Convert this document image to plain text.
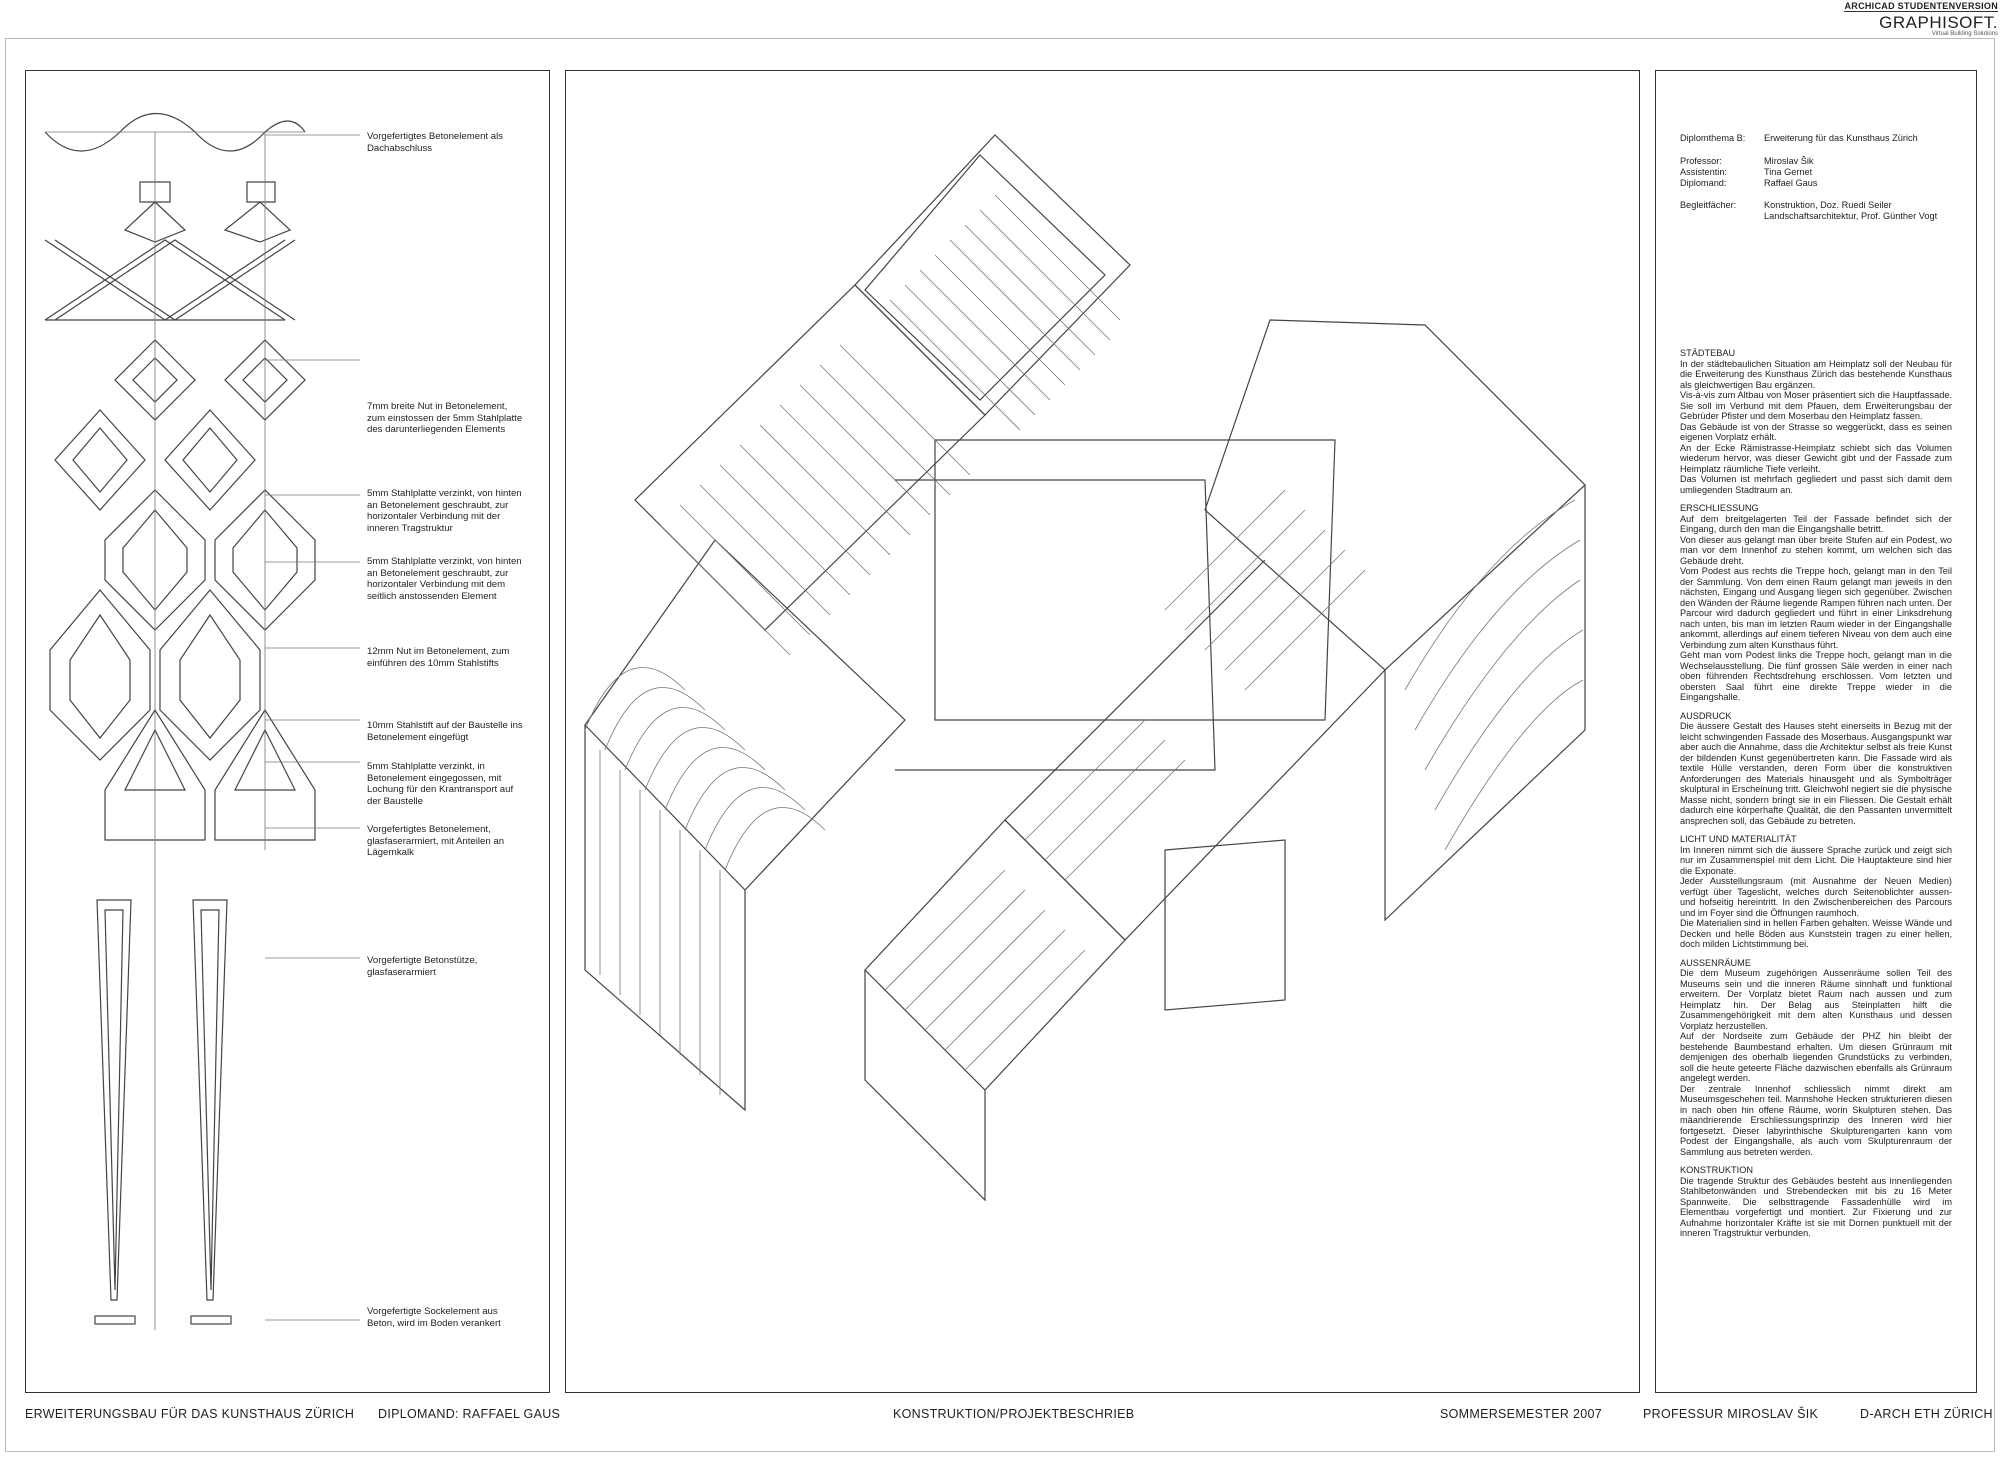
ARCHICAD STUDENTENVERSION
GRAPHISOFT.
Virtual Building Solutions
Vorgefertigtes Betonelement als Dachabschluss
7mm breite Nut in Betonelement, zum einstossen der 5mm Stahlplatte des darunterliegenden Elements
5mm Stahlplatte verzinkt, von hinten an Betonelement geschraubt, zur horizontaler Verbindung mit der inneren Tragstruktur
5mm Stahlplatte verzinkt, von hinten an Betonelement geschraubt, zur horizontaler Verbindung mit dem seitlich anstossenden Element
12mm Nut im Betonelement, zum einführen des 10mm Stahlstifts
10mm Stahlstift auf der Baustelle ins Betonelement eingefügt
5mm Stahlplatte verzinkt, in Betonelement eingegossen, mit Lochung für den Krantransport auf der Baustelle
Vorgefertigtes Betonelement, glasfaserarmiert, mit Anteilen an Lägernkalk
Vorgefertigte Betonstütze, glasfaserarmiert
Vorgefertigte Sockelement aus Beton, wird im Boden verankert
Diplomthema B:	Erweiterung für das Kunsthaus Zürich
Professor:	Miroslav Šik
Assistentin:	Tina Gernet
Diplomand:	Raffael Gaus
Begleitfächer:	Konstruktion, Doz. Ruedi Seiler
Landschaftsarchitektur, Prof. Günther Vogt
STÄDTEBAU

In der städtebaulichen Situation am Heimplatz soll der Neubau für die Erweiterung des Kunsthaus Zürich das bestehende Kunsthaus als gleichwertigen Bau ergänzen.

Vis-à-vis zum Altbau von Moser präsentiert sich die Hauptfassade. Sie soll im Verbund mit dem Pfauen, dem Erweiterungsbau der Gebrüder Pfister und dem Moserbau den Heimplatz fassen.

Das Gebäude ist von der Strasse so weggerückt, dass es seinen eigenen Vorplatz erhält.

An der Ecke Rämistrasse-Heimplatz schiebt sich das Volumen wiederum hervor, was dieser Gewicht gibt und der Fassade zum Heimplatz räumliche Tiefe verleiht.

Das Volumen ist mehrfach gegliedert und passt sich damit dem umliegenden Stadtraum an.

ERSCHLIESSUNG

Auf dem breitgelagerten Teil der Fassade befindet sich der Eingang, durch den man die Eingangshalle betritt.

Von dieser aus gelangt man über breite Stufen auf ein Podest, wo man vor dem Innenhof zu stehen kommt, um welchen sich das Gebäude dreht.

Vom Podest aus rechts die Treppe hoch, gelangt man in den Teil der Sammlung. Von dem einen Raum gelangt man jeweils in den nächsten, Eingang und Ausgang liegen sich gegenüber. Zwischen den Wänden der Räume liegende Rampen führen nach unten. Der Parcour wird dadurch gegliedert und führt in einer Linksdrehung nach unten, bis man im letzten Raum wieder in der Eingangshalle ankommt, allerdings auf einem tieferen Niveau von dem auch eine Verbindung zum alten Kunsthaus führt.

Geht man vom Podest links die Treppe hoch, gelangt man in die Wechselausstellung. Die fünf grossen Säle werden in einer nach oben führenden Rechtsdrehung erschlossen. Vom letzten und obersten Saal führt eine direkte Treppe wieder in die Eingangshalle.

AUSDRUCK

Die äussere Gestalt des Hauses steht einerseits in Bezug mit der leicht schwingenden Fassade des Moserbaus. Ausgangspunkt war aber auch die Annahme, dass die Architektur selbst als freie Kunst der bildenden Kunst gegenübertreten kann. Die Fassade wird als textile Hülle verstanden, deren Form über die konstruktiven Anforderungen des Materials hinausgeht und als Symbolträger skulptural in Erscheinung tritt. Gleichwohl negiert sie die physische Masse nicht, sondern bringt sie in ein Fliessen. Die Gestalt erhält dadurch eine körperhafte Qualität, die den Passanten unvermittelt ansprechen soll, das Gebäude zu betreten.

LICHT UND MATERIALITÄT

Im Inneren nimmt sich die äussere Sprache zurück und zeigt sich nur im Zusammenspiel mit dem Licht. Die Hauptakteure sind hier die Exponate.

Jeder Ausstellungsraum (mit Ausnahme der Neuen Medien) verfügt über Tageslicht, welches durch Seitenoblichter aussen- und hofseitig hereintritt. In den Zwischenbereichen des Parcours und im Foyer sind die Öffnungen raumhoch.

Die Materialien sind in hellen Farben gehalten. Weisse Wände und Decken und helle Böden aus Kunststein tragen zu einer hellen, doch milden Lichtstimmung bei.

AUSSENRÄUME

Die dem Museum zugehörigen Aussenräume sollen Teil des Museums sein und die inneren Räume sinnhaft und funktional erweitern. Der Vorplatz bietet Raum nach aussen und zum Heimplatz hin. Der Belag aus Steinplatten hilft die Zusammengehörigkeit mit dem alten Kunsthaus und dessen Vorplatz herzustellen.

Auf der Nordseite zum Gebäude der PHZ hin bleibt der bestehende Baumbestand erhalten. Um diesen Grünraum mit demjenigen des oberhalb liegenden Grundstücks zu verbinden, soll die heute geteerte Fläche dazwischen ebenfalls als Grünraum angelegt werden.

Der zentrale Innenhof schliesslich nimmt direkt am Museumsgeschehen teil. Mannshohe Hecken strukturieren diesen in nach oben hin offene Räume, worin Skulpturen stehen. Das mäandrierende Erschliessungsprinzip des Inneren wird hier fortgesetzt. Dieser labyrinthische Skulpturengarten kann vom Podest der Eingangshalle, als auch vom Skulpturenraum der Sammlung aus betreten werden.

KONSTRUKTION

Die tragende Struktur des Gebäudes besteht aus innenliegenden Stahlbetonwänden und Strebendecken mit bis zu 16 Meter Spannweite. Die selbsttragende Fassadenhülle wird im Elementbau vorgefertigt und montiert. Zur Fixierung und zur Aufnahme horizontaler Kräfte ist sie mit Dornen punktuell mit der inneren Tragstruktur verbunden.

ERWEITERUNGSBAU FÜR DAS KUNSTHAUS ZÜRICH DIPLOMAND: RAFFAEL GAUS	KONSTRUKTION/PROJEKTBESCHRIEB	SOMMERSEMESTER 2007	PROFESSUR MIROSLAV ŠIK	D-ARCH ETH ZÜRICH
